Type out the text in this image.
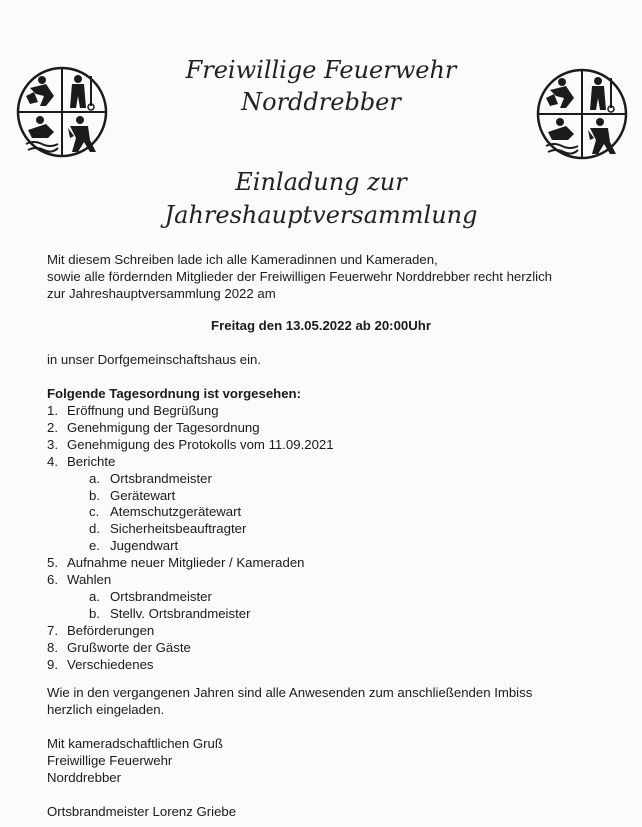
Freiwillige Feuerwehr
Norddrebber
Einladung zur
Jahreshauptversammlung
Mit diesem Schreiben lade ich alle Kameradinnen und Kameraden,
sowie alle fördernden Mitglieder der Freiwilligen Feuerwehr Norddrebber recht herzlich
zur Jahreshauptversammlung 2022 am
Freitag den 13.05.2022 ab 20:00Uhr
in unser Dorfgemeinschaftshaus ein.
Folgende Tagesordnung ist vorgesehen:
1. Eröffnung und Begrüßung
2. Genehmigung der Tagesordnung
3. Genehmigung des Protokolls vom 11.09.2021
4. Berichte
a. Ortsbrandmeister
b. Gerätewart
c. Atemschutzgerätewart
d. Sicherheitsbeauftragter
e. Jugendwart
5. Aufnahme neuer Mitglieder / Kameraden
6. Wahlen
a. Ortsbrandmeister
b. Stellv. Ortsbrandmeister
7. Beförderungen
8. Grußworte der Gäste
9. Verschiedenes
Wie in den vergangenen Jahren sind alle Anwesenden zum anschließenden Imbiss
herzlich eingeladen.
Mit kameradschaftlichen Gruß
Freiwillige Feuerwehr
Norddrebber
Ortsbrandmeister Lorenz Griebe
